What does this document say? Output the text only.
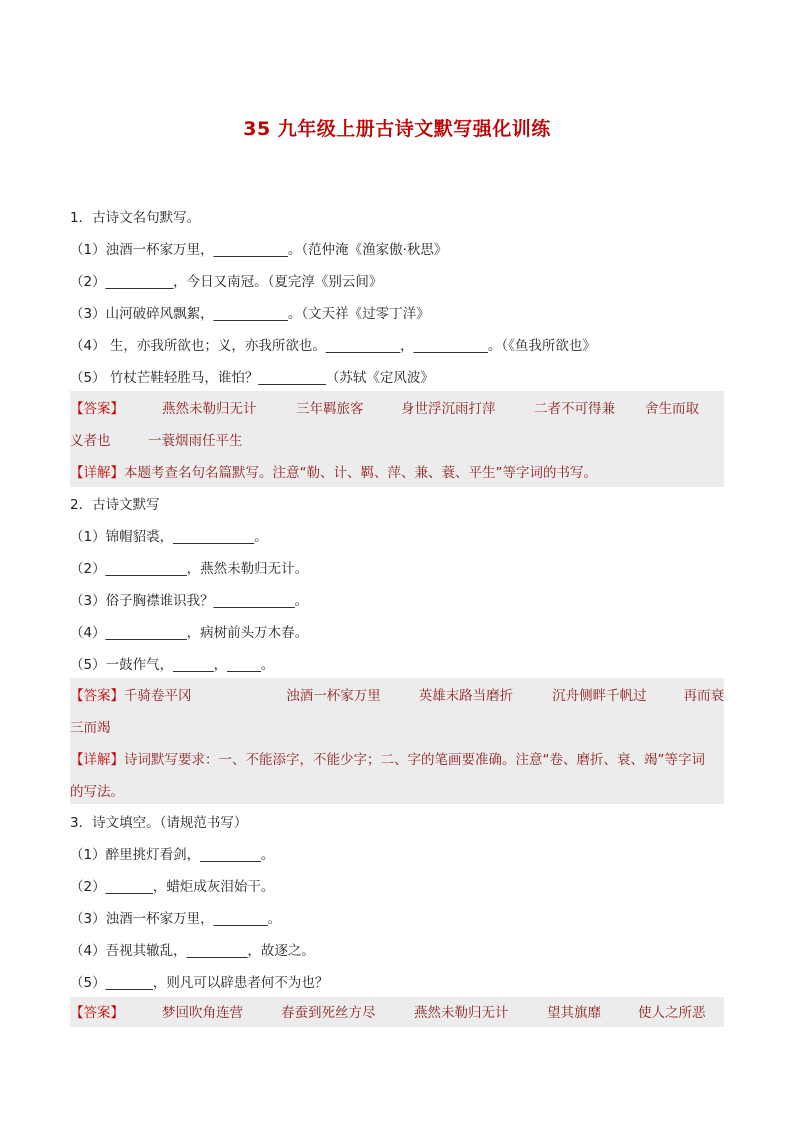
35 九年级上册古诗文默写强化训练
1．古诗文名句默写。
（1）浊酒一杯家万里，___________。（范仲淹《渔家傲·秋思》
（2）__________，今日又南冠。（夏完淳《别云间》
（3）山河破碎风飘絮，___________。（文天祥《过零丁洋》
（4） 生，亦我所欲也；义，亦我所欲也。___________，___________。（《鱼我所欲也》
（5） 竹杖芒鞋轻胜马，谁怕？__________（苏轼《定风波》
【答案】	燕然未勒归无计	三年羁旅客	身世浮沉雨打萍	二者不可得兼	舍生而取
义者也	一蓑烟雨任平生
【详解】本题考查名句名篇默写。注意“勒、计、羁、萍、兼、蓑、平生”等字词的书写。
2．古诗文默写
（1）锦帽貂裘，____________。
（2）____________，燕然未勒归无计。
（3）俗子胸襟谁识我？____________。
（4）____________，病树前头万木春。
（5）一鼓作气，______，_____。
【答案】 千骑卷平冈	浊酒一杯家万里	英雄末路当磨折	沉舟侧畔千帆过	再而衰
三而竭
【详解】诗词默写要求：一、不能添字，不能少字；二、字的笔画要准确。注意“卷、磨折、衰、竭”等字词
的写法。
3．诗文填空。（请规范书写）
（1）醉里挑灯看剑，_________。
（2）_______，蜡炬成灰泪始干。
（3）浊酒一杯家万里，________。
（4）吾视其辙乱，_________，故逐之。
（5）_______，则凡可以辟患者何不为也？
【答案】	梦回吹角连营	春蚕到死丝方尽	燕然未勒归无计	望其旗靡	使人之所恶
